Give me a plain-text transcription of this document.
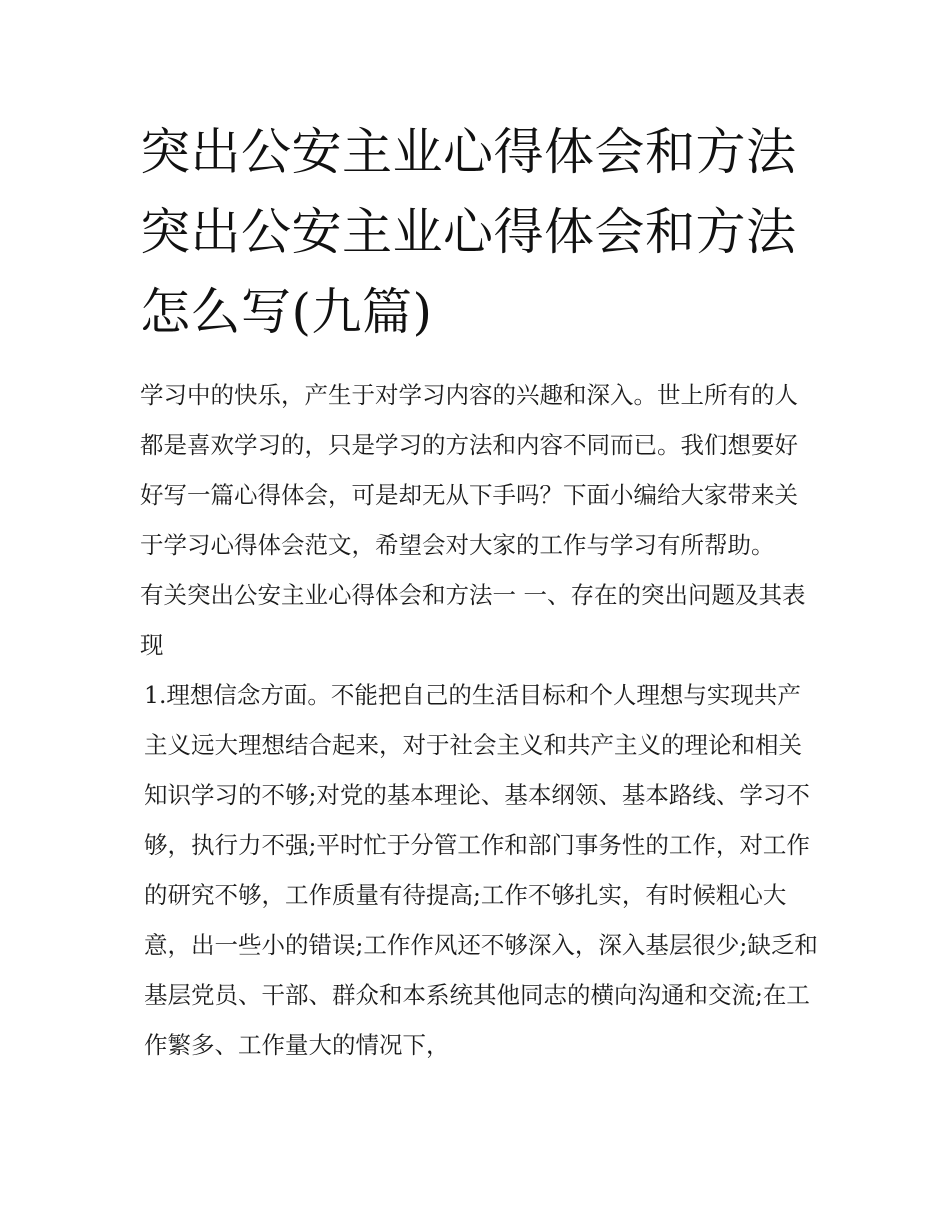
突出公安主业心得体会和方法
突出公安主业心得体会和方法
怎么写(九篇)

学习中的快乐，产生于对学习内容的兴趣和深入。世上所有的人都是喜欢学习的，只是学习的方法和内容不同而已。我们想要好好写一篇心得体会，可是却无从下手吗？下面小编给大家带来关于学习心得体会范文，希望会对大家的工作与学习有所帮助。

有关突出公安主业心得体会和方法一 一、存在的突出问题及其表现

1.理想信念方面。不能把自己的生活目标和个人理想与实现共产主义远大理想结合起来，对于社会主义和共产主义的理论和相关知识学习的不够;对党的基本理论、基本纲领、基本路线、学习不够，执行力不强;平时忙于分管工作和部门事务性的工作，对工作的研究不够，工作质量有待提高;工作不够扎实，有时候粗心大意，出一些小的错误;工作作风还不够深入，深入基层很少;缺乏和基层党员、干部、群众和本系统其他同志的横向沟通和交流;在工作繁多、工作量大的情况下，
